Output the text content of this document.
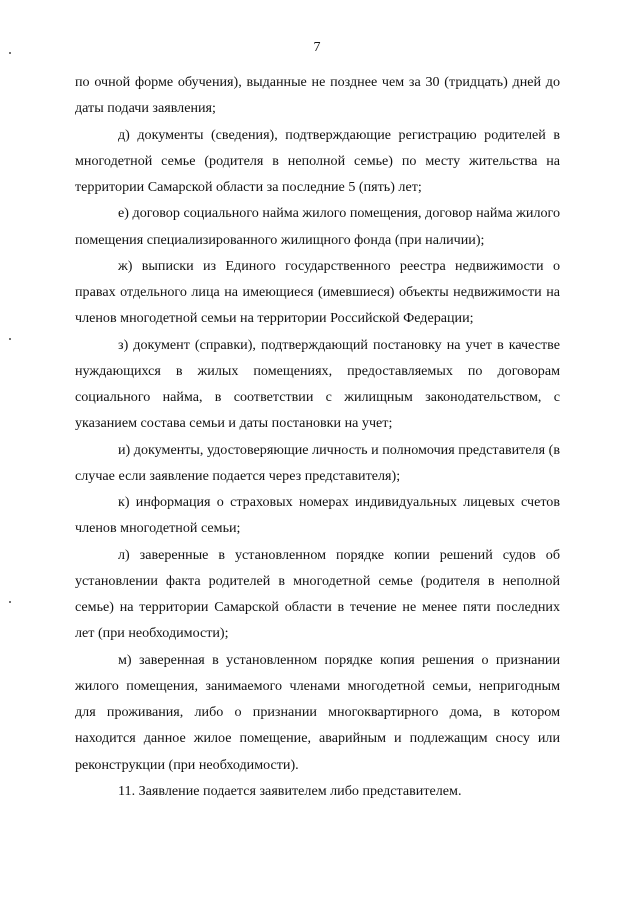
7

по очной форме обучения), выданные не позднее чем за 30 (тридцать) дней до даты подачи заявления;

д) документы (сведения), подтверждающие регистрацию родителей в многодетной семье (родителя в неполной семье) по месту жительства на территории Самарской области за последние 5 (пять) лет;

е) договор социального найма жилого помещения, договор найма жилого помещения специализированного жилищного фонда (при наличии);

ж) выписки из Единого государственного реестра недвижимости о правах отдельного лица на имеющиеся (имевшиеся) объекты недвижимости на членов многодетной семьи на территории Российской Федерации;

з) документ (справки), подтверждающий постановку на учет в качестве нуждающихся в жилых помещениях, предоставляемых по договорам социального найма, в соответствии с жилищным законодательством, с указанием состава семьи и даты постановки на учет;

и) документы, удостоверяющие личность и полномочия представителя (в случае если заявление подается через представителя);

к) информация о страховых номерах индивидуальных лицевых счетов членов многодетной семьи;

л) заверенные в установленном порядке копии решений судов об установлении факта родителей в многодетной семье (родителя в неполной семье) на территории Самарской области в течение не менее пяти последних лет (при необходимости);

м) заверенная в установленном порядке копия решения о признании жилого помещения, занимаемого членами многодетной семьи, непригодным для проживания, либо о признании многоквартирного дома, в котором находится данное жилое помещение, аварийным и подлежащим сносу или реконструкции (при необходимости).

11. Заявление подается заявителем либо представителем.
